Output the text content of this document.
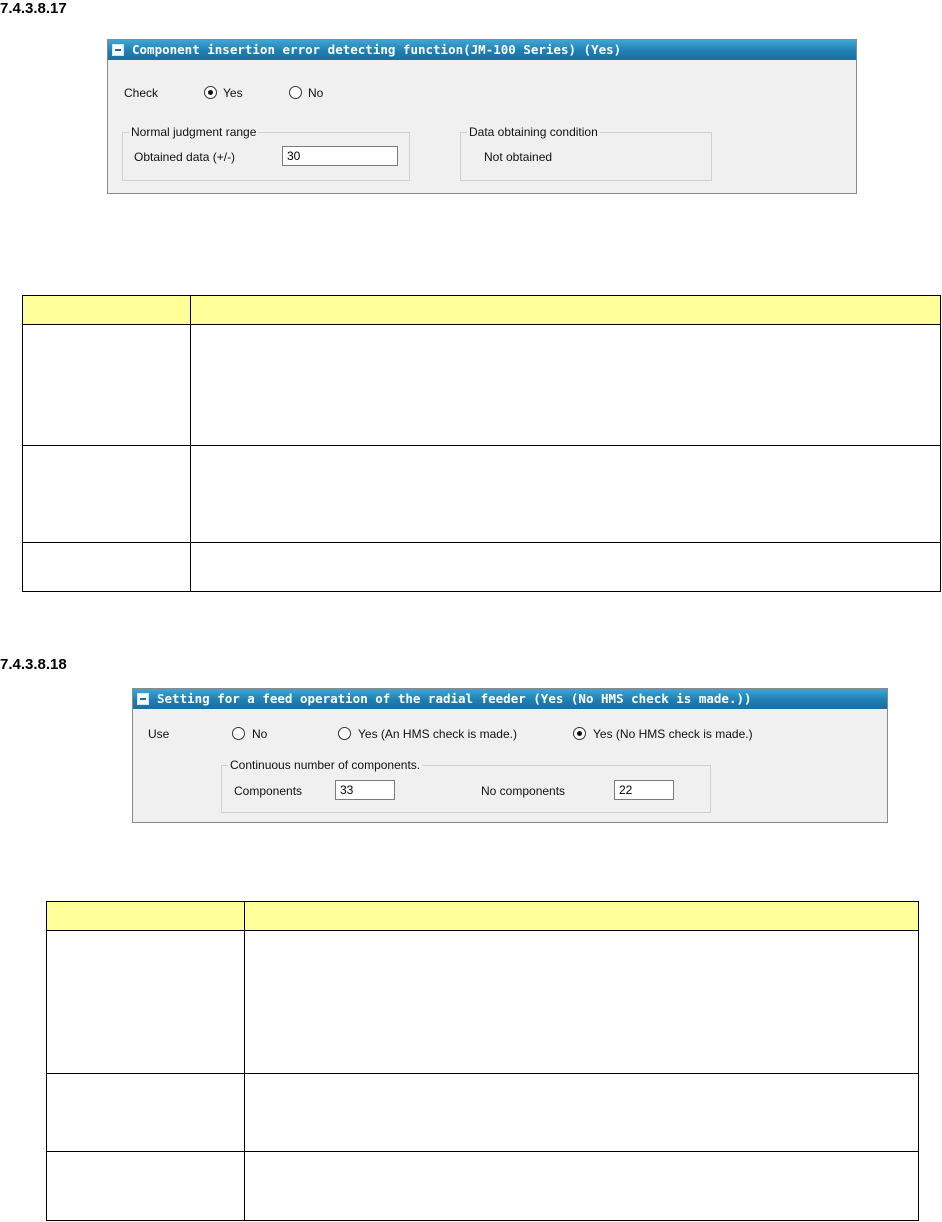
7.4.3.8.17
Component insertion error detecting function(JM-100 Series) (Yes)
Check	Yes	No
Normal judgment range
Obtained data (+/-)	30
Data obtaining condition
Not obtained

7.4.3.8.18
Setting for a feed operation of the radial feeder (Yes (No HMS check is made.))
Use	No	Yes (An HMS check is made.)	Yes (No HMS check is made.)
Continuous number of components.
Components	33	No components	22
